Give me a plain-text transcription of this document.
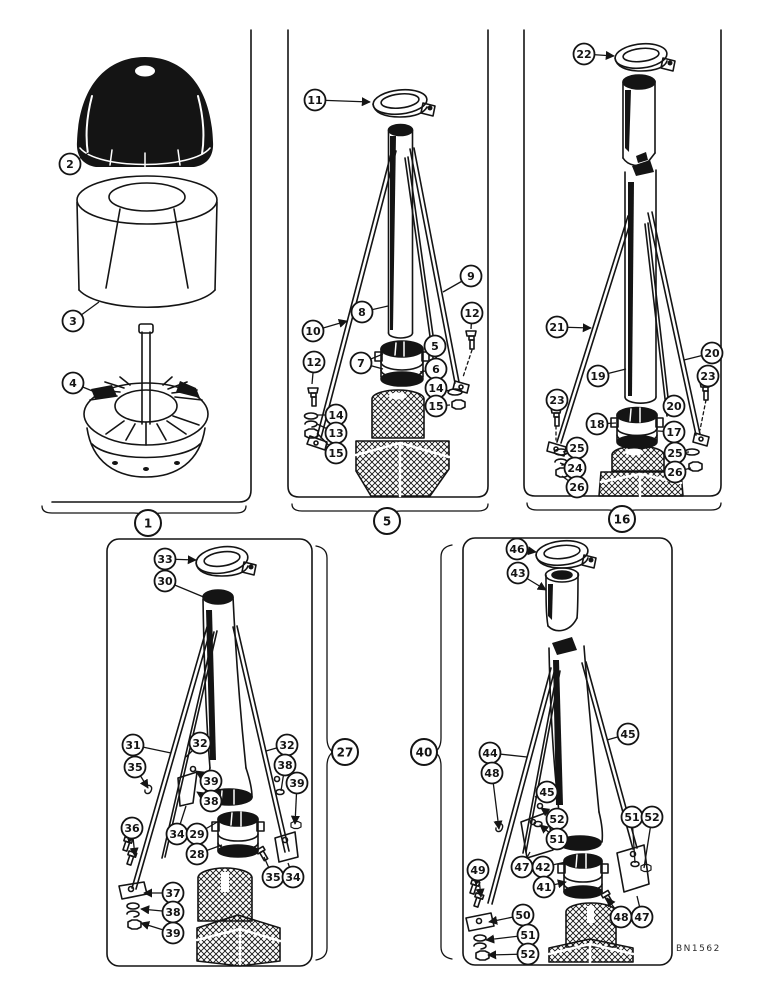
2
3
4
1
11
8
9
10
12
5
7	6
12
14
15
14
13
15
5
22
21
20
23
19
20
23
18
17
25
24
26
25
26
16
33
30
31	32	32
35	38
39
39
38
34 29
28
36
37
38
39
35 34
27
46
43
44
45
48
45
52
51
47 42
41
49
51 52
48 47
50
51
52
40
BN1562
